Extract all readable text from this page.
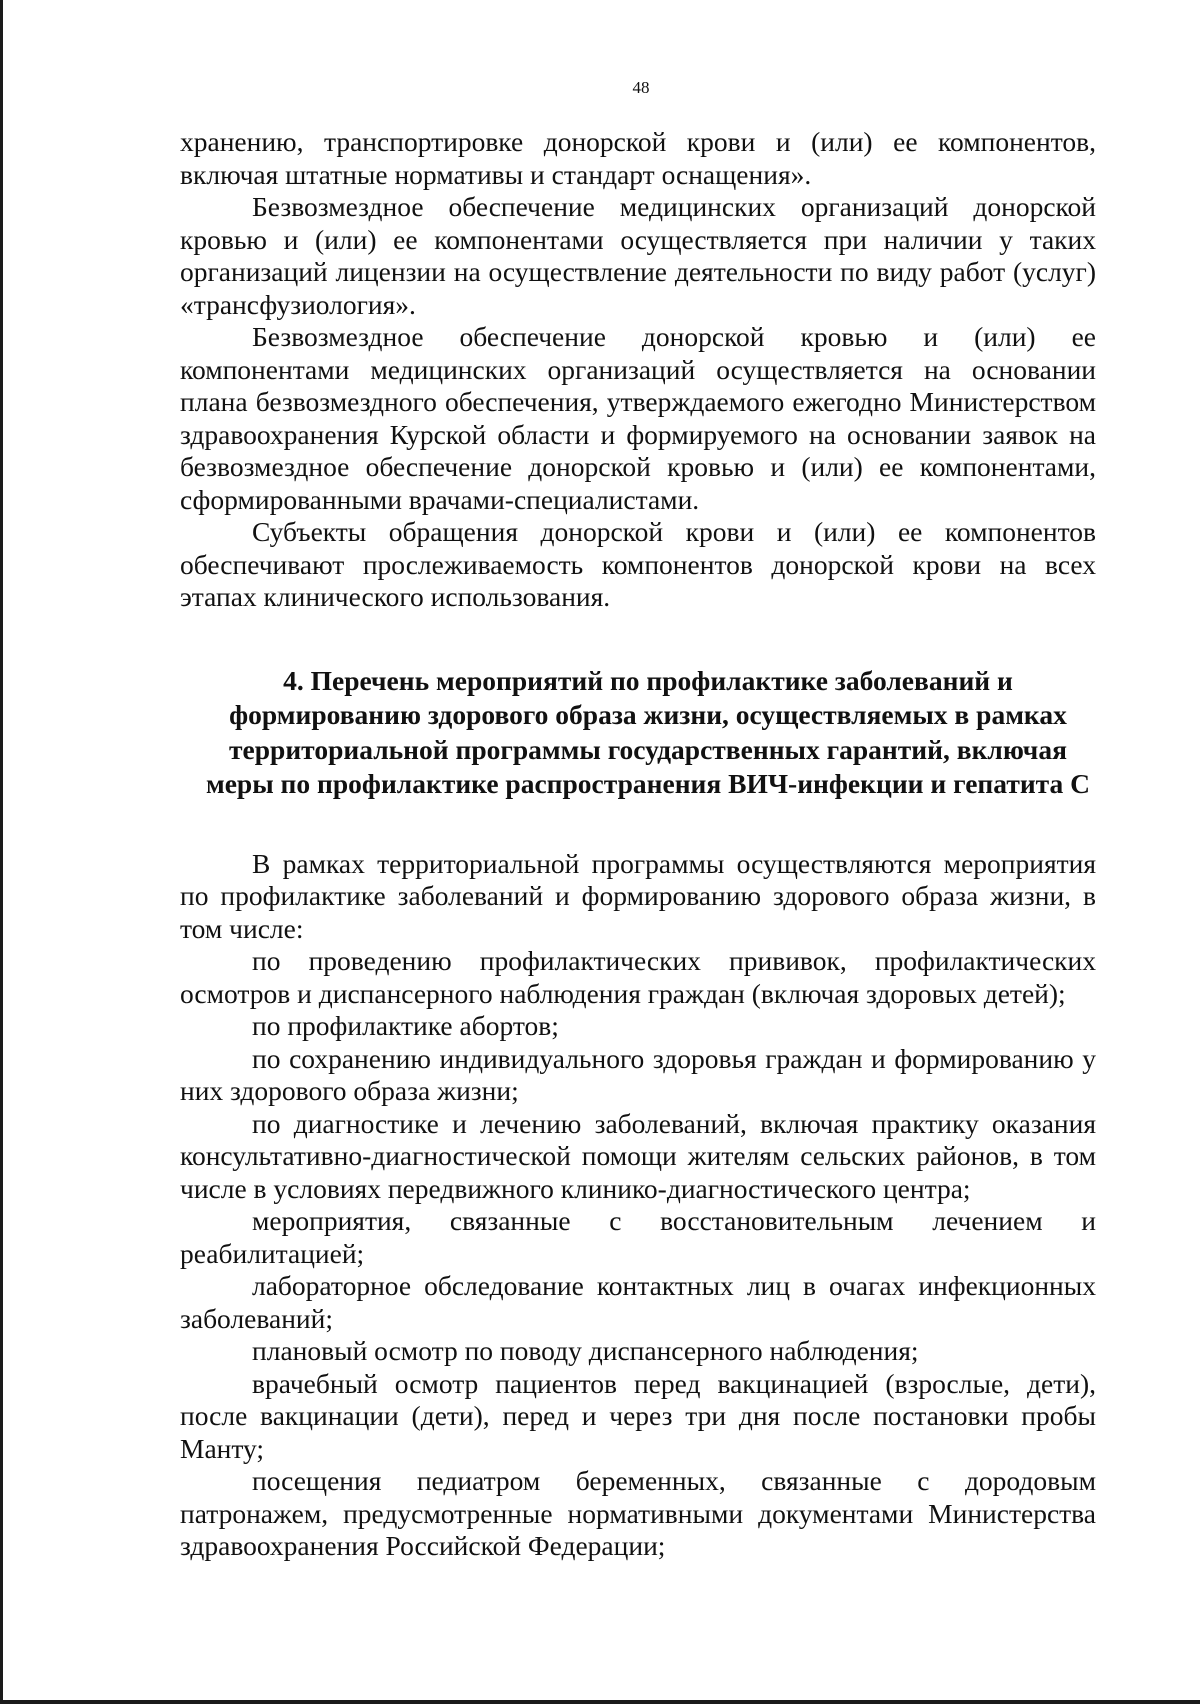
48

хранению, транспортировке донорской крови и (или) ее компонентов, включая штатные нормативы и стандарт оснащения».

Безвозмездное обеспечение медицинских организаций донорской кровью и (или) ее компонентами осуществляется при наличии у таких организаций лицензии на осуществление деятельности по виду работ (услуг) «трансфузиология».

Безвозмездное обеспечение донорской кровью и (или) ее компонентами медицинских организаций осуществляется на основании плана безвозмездного обеспечения, утверждаемого ежегодно Министерством здравоохранения Курской области и формируемого на основании заявок на безвозмездное обеспечение донорской кровью и (или) ее компонентами, сформированными врачами-специалистами.

Субъекты обращения донорской крови и (или) ее компонентов обеспечивают прослеживаемость компонентов донорской крови на всех этапах клинического использования.

4. Перечень мероприятий по профилактике заболеваний и
формированию здорового образа жизни, осуществляемых в рамках
территориальной программы государственных гарантий, включая
меры по профилактике распространения ВИЧ-инфекции и гепатита С

В рамках территориальной программы осуществляются мероприятия по профилактике заболеваний и формированию здорового образа жизни, в том числе:

по проведению профилактических прививок, профилактических осмотров и диспансерного наблюдения граждан (включая здоровых детей);

по профилактике абортов;

по сохранению индивидуального здоровья граждан и формированию у них здорового образа жизни;

по диагностике и лечению заболеваний, включая практику оказания консультативно-диагностической помощи жителям сельских районов, в том числе в условиях передвижного клинико-диагностического центра;

мероприятия, связанные с восстановительным лечением и реабилитацией;

лабораторное обследование контактных лиц в очагах инфекционных заболеваний;

плановый осмотр по поводу диспансерного наблюдения;

врачебный осмотр пациентов перед вакцинацией (взрослые, дети), после вакцинации (дети), перед и через три дня после постановки пробы Манту;

посещения педиатром беременных, связанные с дородовым патронажем, предусмотренные нормативными документами Министерства здравоохранения Российской Федерации;
